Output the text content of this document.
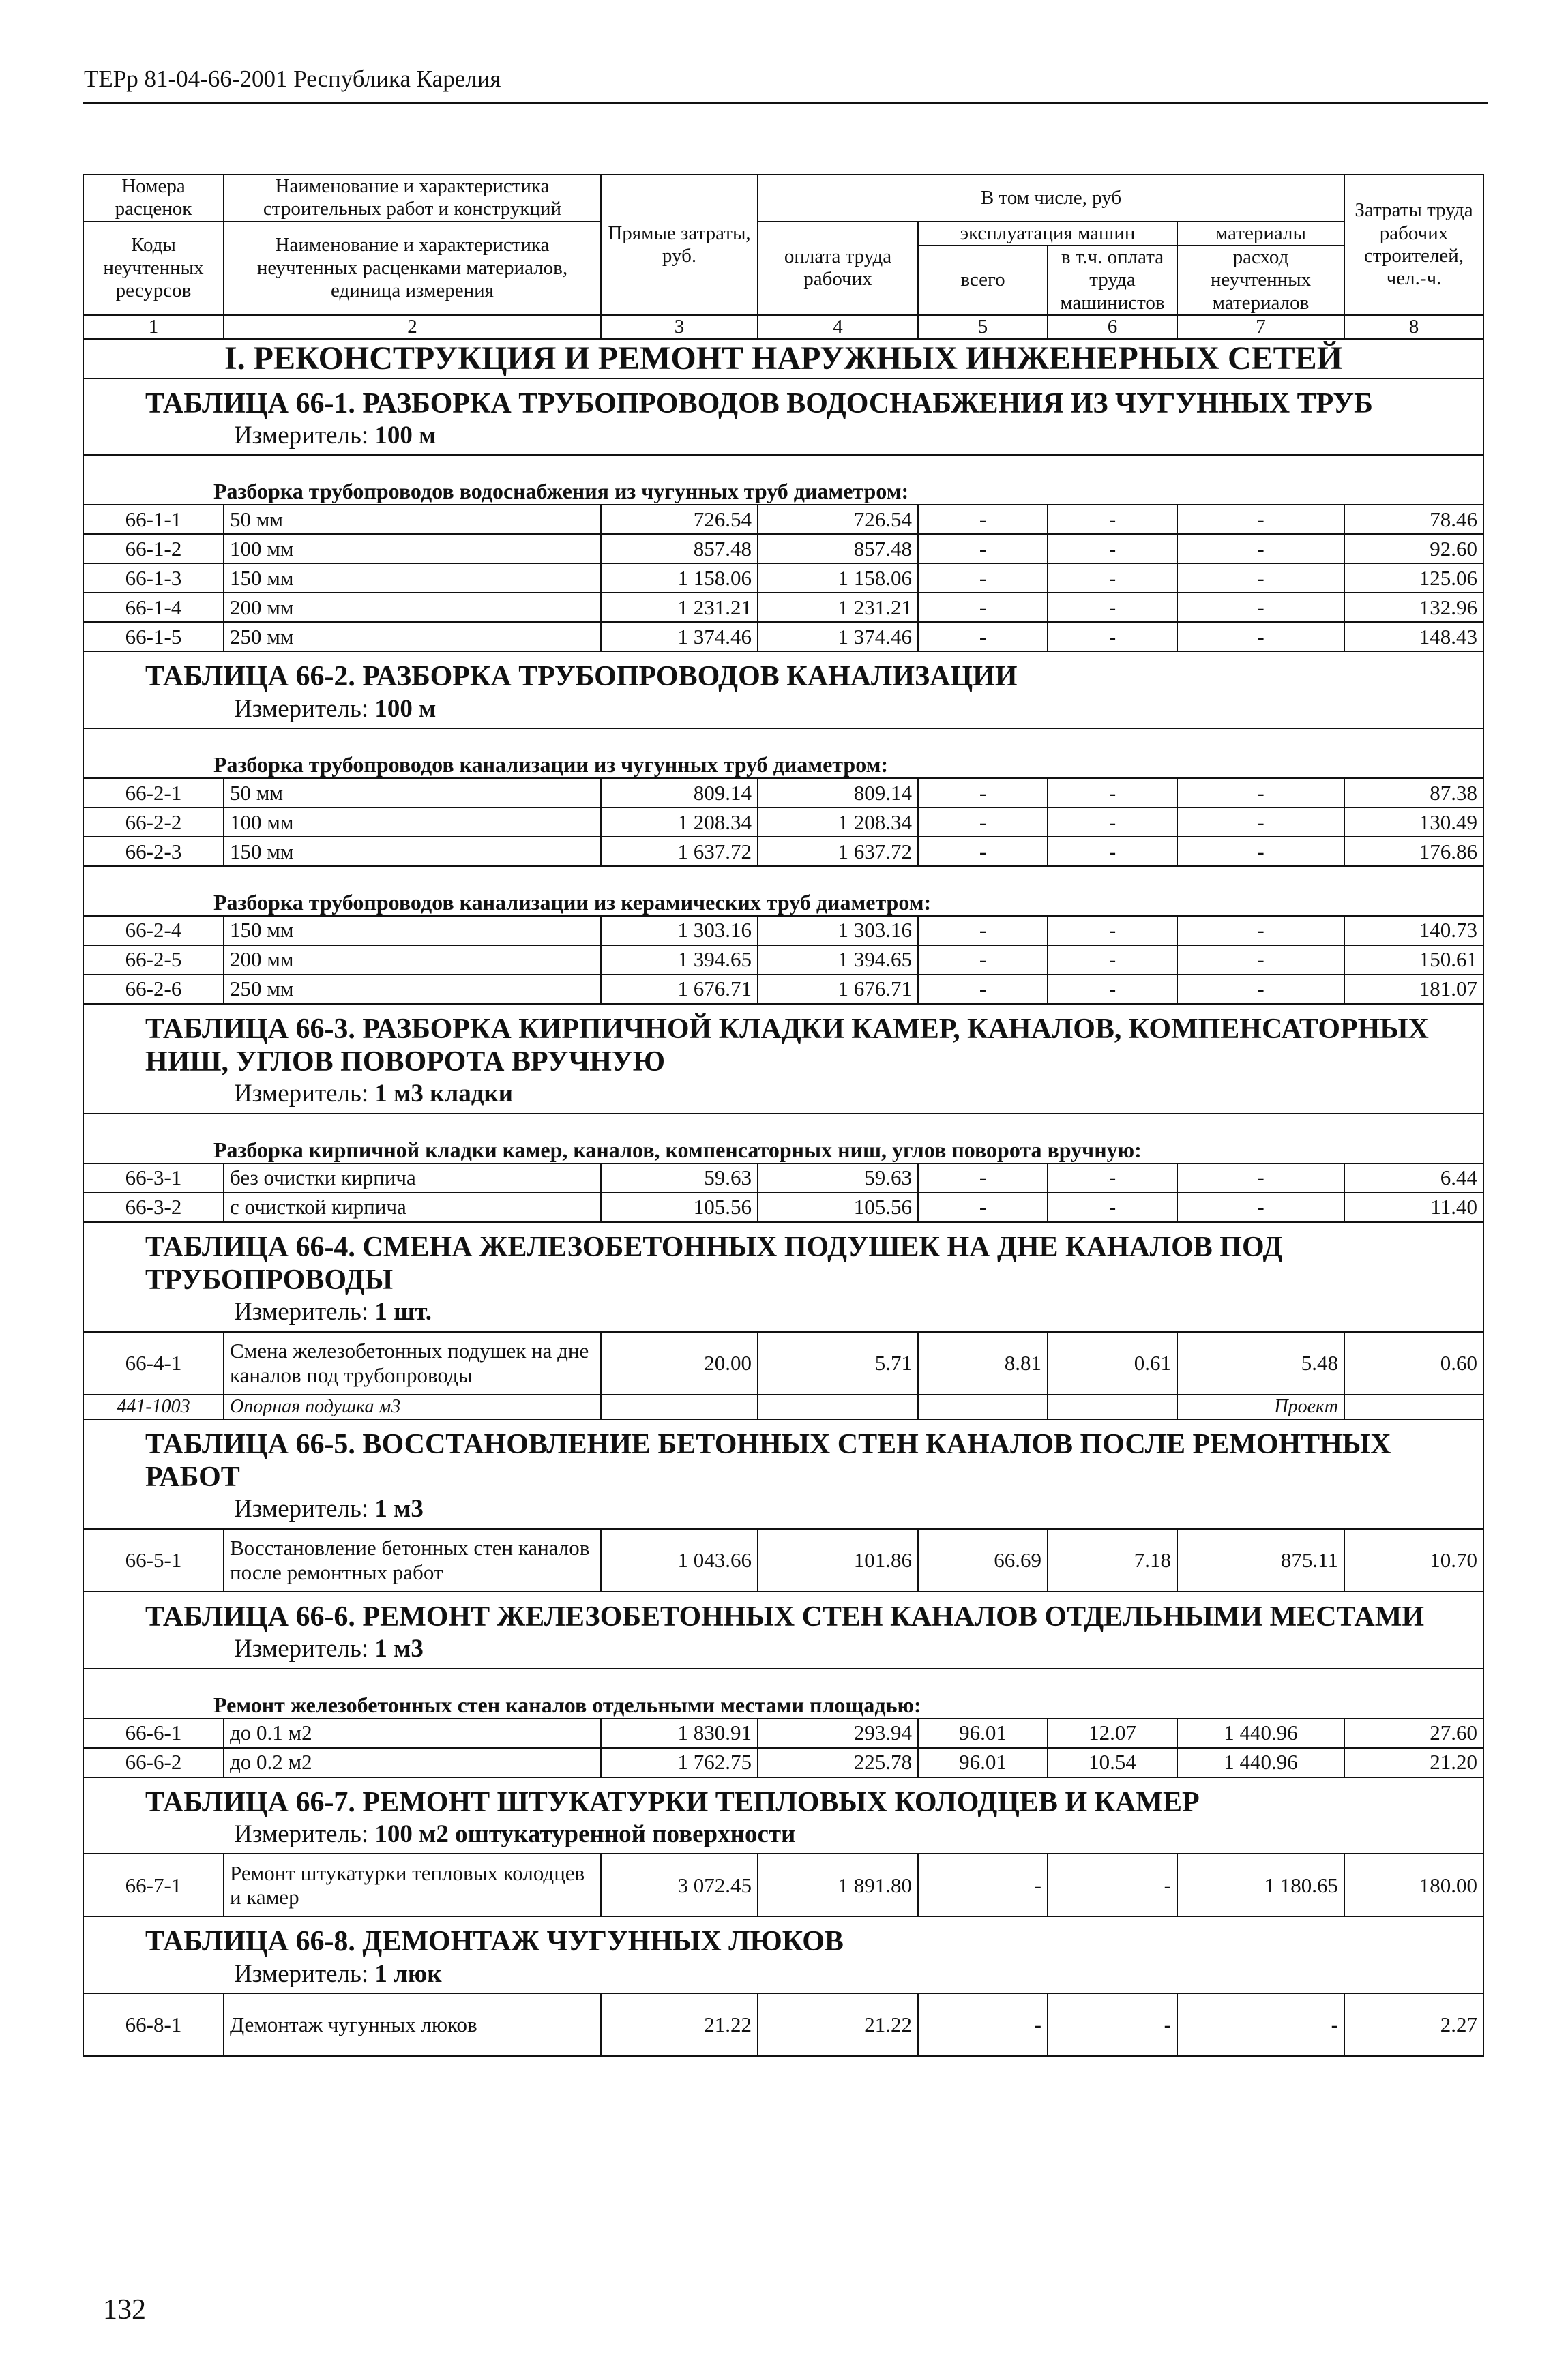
ТЕРр 81-04-66-2001 Республика Карелия
Номера расценок	Наименование и характеристика строительных работ и конструкций	Прямые затраты, руб.	В том числе, руб				Затраты труда рабочих строителей, чел.-ч.
Коды неучтенных ресурсов	Наименование и характеристика неучтенных расценками материалов, единица измерения		оплата труда рабочих	эксплуатация машин		материалы	
				всего	в т.ч. оплата труда машинистов	расход неучтенных материалов	
1	2	3	4	5	6	7	8
I. РЕКОНСТРУКЦИЯ И РЕМОНТ НАРУЖНЫХ ИНЖЕНЕРНЫХ СЕТЕЙ							
ТАБЛИЦА 66-1. РАЗБОРКА ТРУБОПРОВОДОВ ВОДОСНАБЖЕНИЯ ИЗ ЧУГУННЫХ ТРУБ							
Измеритель: 100 м							
Разборка трубопроводов водоснабжения из чугунных труб диаметром:							
66-1-1	50 мм	726.54	726.54	-	-	-	78.46
66-1-2	100 мм	857.48	857.48	-	-	-	92.60
66-1-3	150 мм	1 158.06	1 158.06	-	-	-	125.06
66-1-4	200 мм	1 231.21	1 231.21	-	-	-	132.96
66-1-5	250 мм	1 374.46	1 374.46	-	-	-	148.43
ТАБЛИЦА 66-2. РАЗБОРКА ТРУБОПРОВОДОВ КАНАЛИЗАЦИИ							
Измеритель: 100 м							
Разборка трубопроводов канализации из чугунных труб диаметром:							
66-2-1	50 мм	809.14	809.14	-	-	-	87.38
66-2-2	100 мм	1 208.34	1 208.34	-	-	-	130.49
66-2-3	150 мм	1 637.72	1 637.72	-	-	-	176.86
Разборка трубопроводов канализации из керамических труб диаметром:							
66-2-4	150 мм	1 303.16	1 303.16	-	-	-	140.73
66-2-5	200 мм	1 394.65	1 394.65	-	-	-	150.61
66-2-6	250 мм	1 676.71	1 676.71	-	-	-	181.07
ТАБЛИЦА 66-3. РАЗБОРКА КИРПИЧНОЙ КЛАДКИ КАМЕР, КАНАЛОВ, КОМПЕНСАТОРНЫХ НИШ, УГЛОВ ПОВОРОТА ВРУЧНУЮ							
Измеритель: 1 м3 кладки							
Разборка кирпичной кладки камер, каналов, компенсаторных ниш, углов поворота вручную:							
66-3-1	без очистки кирпича	59.63	59.63	-	-	-	6.44
66-3-2	с очисткой кирпича	105.56	105.56	-	-	-	11.40
ТАБЛИЦА 66-4. СМЕНА ЖЕЛЕЗОБЕТОННЫХ ПОДУШЕК НА ДНЕ КАНАЛОВ ПОД ТРУБОПРОВОДЫ							
Измеритель: 1 шт.							
66-4-1	Смена железобетонных подушек на дне каналов под трубопроводы	20.00	5.71	8.81	0.61	5.48	0.60
441-1003	Опорная подушка м3					Проект	
ТАБЛИЦА 66-5. ВОССТАНОВЛЕНИЕ БЕТОННЫХ СТЕН КАНАЛОВ ПОСЛЕ РЕМОНТНЫХ РАБОТ							
Измеритель: 1 м3							
66-5-1	Восстановление бетонных стен каналов после ремонтных работ	1 043.66	101.86	66.69	7.18	875.11	10.70
ТАБЛИЦА 66-6. РЕМОНТ ЖЕЛЕЗОБЕТОННЫХ СТЕН КАНАЛОВ ОТДЕЛЬНЫМИ МЕСТАМИ							
Измеритель: 1 м3							
Ремонт железобетонных стен каналов отдельными местами площадью:							
66-6-1	до 0.1 м2	1 830.91	293.94	96.01	12.07	1 440.96	27.60
66-6-2	до 0.2 м2	1 762.75	225.78	96.01	10.54	1 440.96	21.20
ТАБЛИЦА 66-7. РЕМОНТ ШТУКАТУРКИ ТЕПЛОВЫХ КОЛОДЦЕВ И КАМЕР							
Измеритель: 100 м2 оштукатуренной поверхности							
66-7-1	Ремонт штукатурки тепловых колодцев и камер	3 072.45	1 891.80	-	-	1 180.65	180.00
ТАБЛИЦА 66-8. ДЕМОНТАЖ ЧУГУННЫХ ЛЮКОВ							
Измеритель: 1 люк							
66-8-1	Демонтаж чугунных люков	21.22	21.22	-	-	-	2.27
132
